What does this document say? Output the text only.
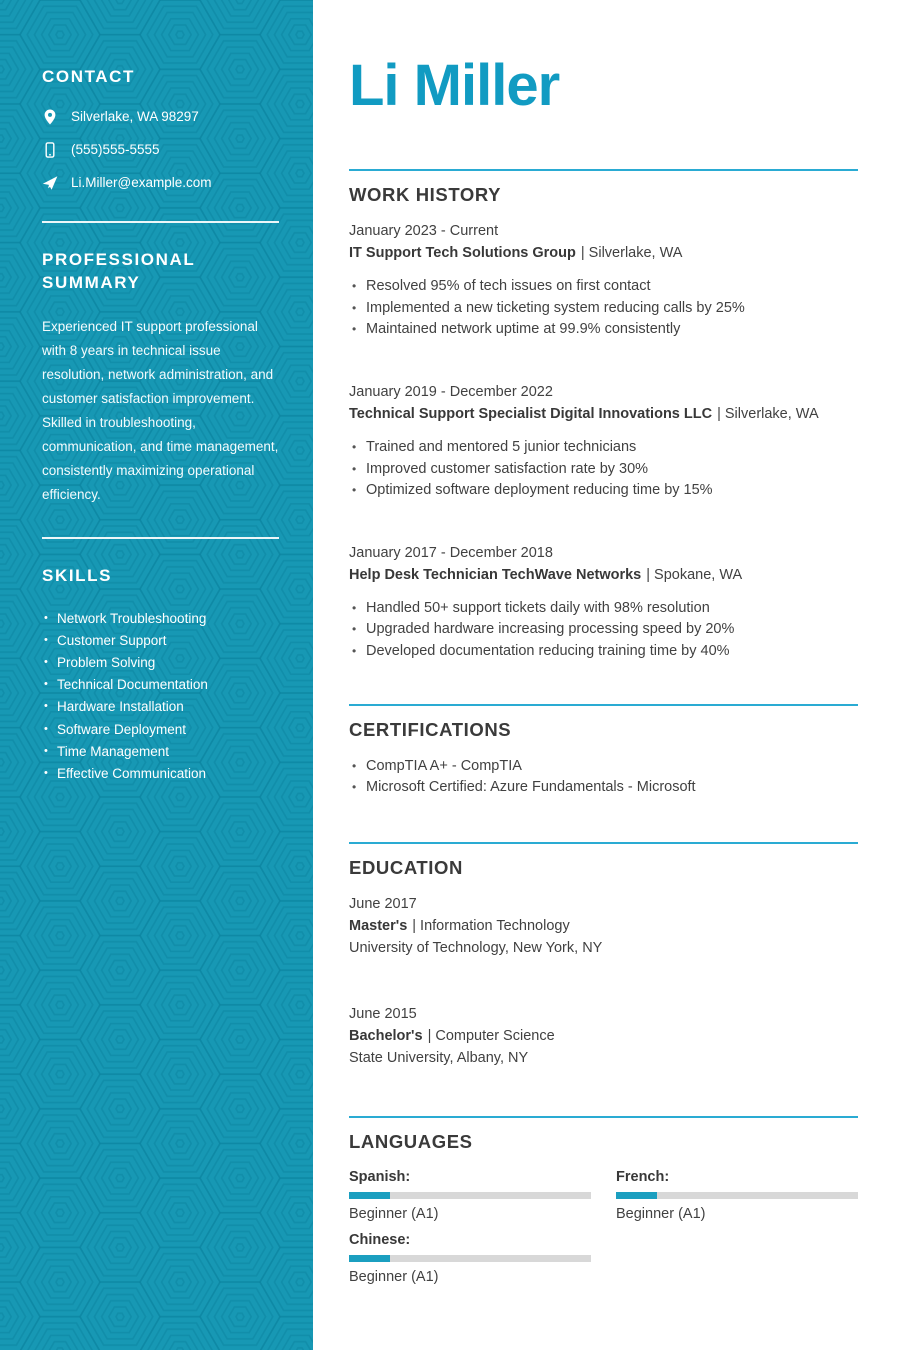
CONTACT
Silverlake, WA 98297
(555)555-5555
Li.Miller@example.com
PROFESSIONAL SUMMARY

Experienced IT support professional with 8 years in technical issue resolution, network administration, and customer satisfaction improvement. Skilled in troubleshooting, communication, and time management, consistently maximizing operational efficiency.

SKILLS
• Network Troubleshooting
• Customer Support
• Problem Solving
• Technical Documentation
• Hardware Installation
• Software Deployment
• Time Management
• Effective Communication
Li Miller
WORK HISTORY
January 2023 - Current
IT Support Tech Solutions Group | Silverlake, WA
• Resolved 95% of tech issues on first contact
• Implemented a new ticketing system reducing calls by 25%
• Maintained network uptime at 99.9% consistently
January 2019 - December 2022
Technical Support Specialist Digital Innovations LLC | Silverlake, WA
• Trained and mentored 5 junior technicians
• Improved customer satisfaction rate by 30%
• Optimized software deployment reducing time by 15%
January 2017 - December 2018
Help Desk Technician TechWave Networks | Spokane, WA
• Handled 50+ support tickets daily with 98% resolution
• Upgraded hardware increasing processing speed by 20%
• Developed documentation reducing training time by 40%
CERTIFICATIONS
• CompTIA A+ - CompTIA
• Microsoft Certified: Azure Fundamentals - Microsoft
EDUCATION
June 2017
Master's | Information Technology
University of Technology, New York, NY
June 2015
Bachelor's | Computer Science
State University, Albany, NY
LANGUAGES
Spanish:
Beginner (A1)
French:
Beginner (A1)
Chinese:
Beginner (A1)
